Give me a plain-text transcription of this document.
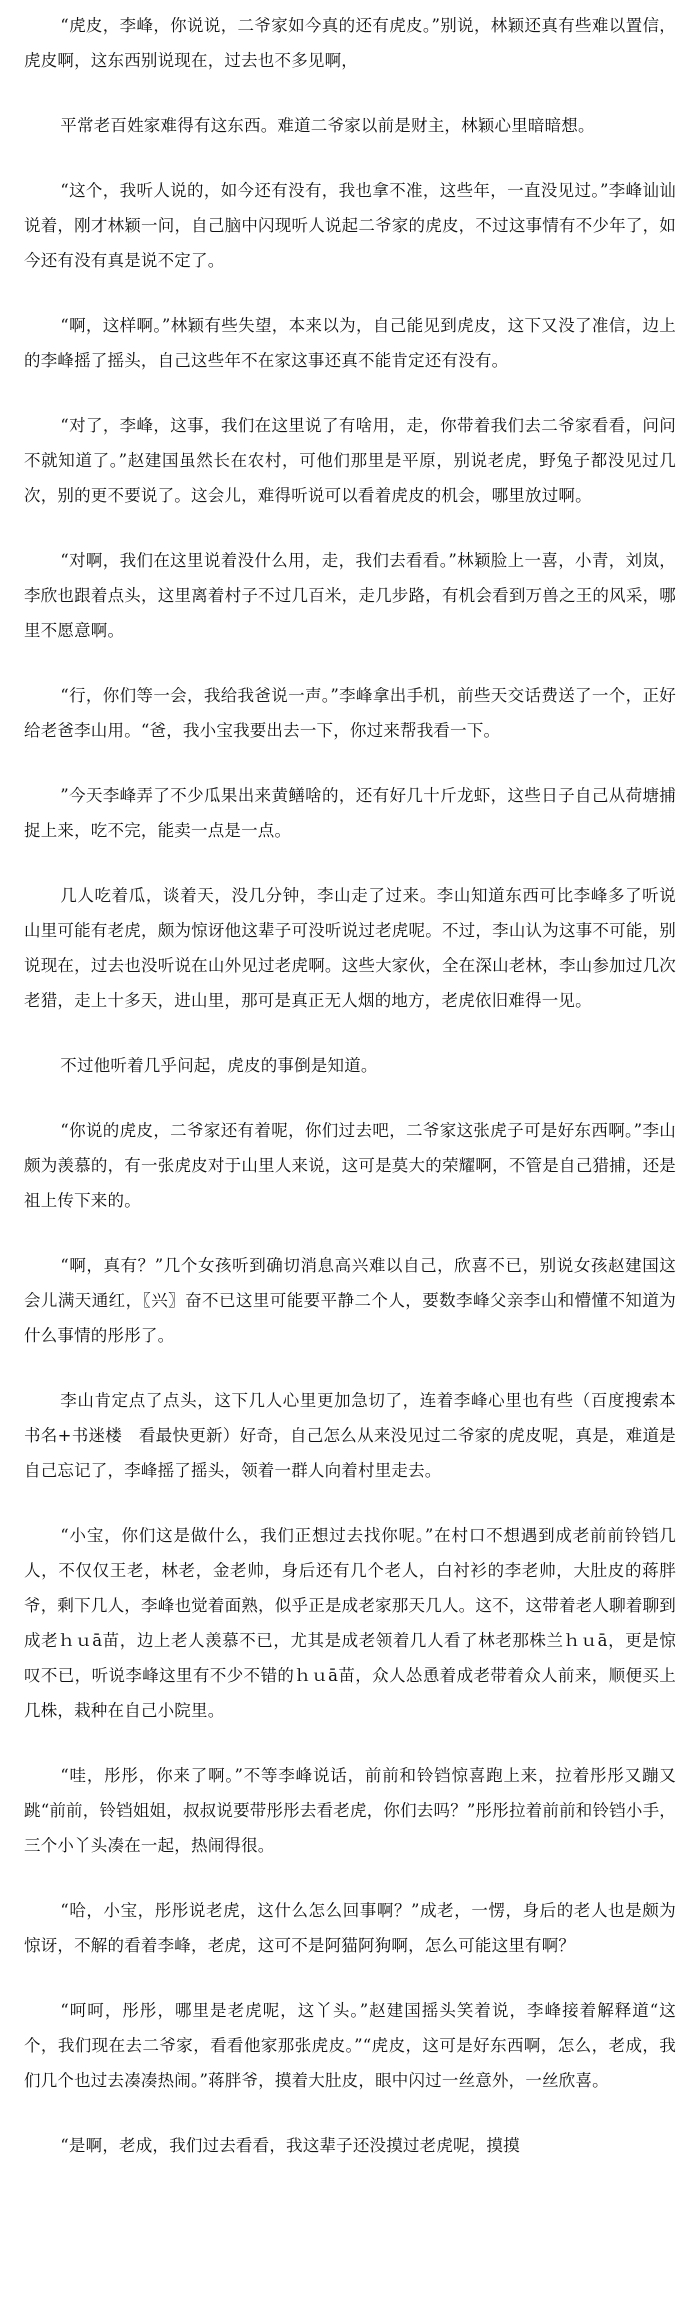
“虎皮，李峰，你说说，二爷家如今真的还有虎皮。”别说，林颖还真有些难以置信，虎皮啊，这东西别说现在，过去也不多见啊，

平常老百姓家难得有这东西。难道二爷家以前是财主，林颖心里暗暗想。

“这个，我听人说的，如今还有没有，我也拿不准，这些年，一直没见过。”李峰讪讪说着，刚才林颖一问，自己脑中闪现听人说起二爷家的虎皮，不过这事情有不少年了，如今还有没有真是说不定了。

“啊，这样啊。”林颖有些失望，本来以为，自己能见到虎皮，这下又没了准信，边上的李峰摇了摇头，自己这些年不在家这事还真不能肯定还有没有。

“对了，李峰，这事，我们在这里说了有啥用，走，你带着我们去二爷家看看，问问不就知道了。”赵建国虽然长在农村，可他们那里是平原，别说老虎，野兔子都没见过几次，别的更不要说了。这会儿，难得听说可以看着虎皮的机会，哪里放过啊。

“对啊，我们在这里说着没什么用，走，我们去看看。”林颖脸上一喜，小青，刘岚，李欣也跟着点头，这里离着村子不过几百米，走几步路，有机会看到万兽之王的风采，哪里不愿意啊。

“行，你们等一会，我给我爸说一声。”李峰拿出手机，前些天交话费送了一个，正好给老爸李山用。“爸，我小宝我要出去一下，你过来帮我看一下。

”今天李峰弄了不少瓜果出来黄鳝啥的，还有好几十斤龙虾，这些日子自己从荷塘捕捉上来，吃不完，能卖一点是一点。

几人吃着瓜，谈着天，没几分钟，李山走了过来。李山知道东西可比李峰多了听说山里可能有老虎，颇为惊讶他这辈子可没听说过老虎呢。不过，李山认为这事不可能，别说现在，过去也没听说在山外见过老虎啊。这些大家伙，全在深山老林，李山参加过几次老猎，走上十多天，进山里，那可是真正无人烟的地方，老虎依旧难得一见。

不过他听着几乎问起，虎皮的事倒是知道。

“你说的虎皮，二爷家还有着呢，你们过去吧，二爷家这张虎子可是好东西啊。”李山颇为羡慕的，有一张虎皮对于山里人来说，这可是莫大的荣耀啊，不管是自己猎捕，还是祖上传下来的。

“啊，真有？”几个女孩听到确切消息高兴难以自己，欣喜不已，别说女孩赵建国这会儿满天通红，〖兴〗奋不已这里可能要平静二个人，要数李峰父亲李山和懵懂不知道为什么事情的彤彤了。

李山肯定点了点头，这下几人心里更加急切了，连着李峰心里也有些（百度搜索本书名+书迷楼　看最快更新）好奇，自己怎么从来没见过二爷家的虎皮呢，真是，难道是自己忘记了，李峰摇了摇头，领着一群人向着村里走去。

“小宝，你们这是做什么，我们正想过去找你呢。”在村口不想遇到成老前前铃铛几人，不仅仅王老，林老，金老帅，身后还有几个老人，白衬衫的李老帅，大肚皮的蒋胖爷，剩下几人，李峰也觉着面熟，似乎正是成老家那天几人。这不，这带着老人聊着聊到成老ｈｕā苗，边上老人羡慕不已，尤其是成老领着几人看了林老那株兰ｈｕā，更是惊叹不已，听说李峰这里有不少不错的ｈｕā苗，众人怂恿着成老带着众人前来，顺便买上几株，栽种在自己小院里。

“哇，彤彤，你来了啊。”不等李峰说话，前前和铃铛惊喜跑上来，拉着彤彤又蹦又跳“前前，铃铛姐姐，叔叔说要带彤彤去看老虎，你们去吗？”彤彤拉着前前和铃铛小手，三个小丫头凑在一起，热闹得很。

“哈，小宝，彤彤说老虎，这什么怎么回事啊？”成老，一愣，身后的老人也是颇为惊讶，不解的看着李峰，老虎，这可不是阿猫阿狗啊，怎么可能这里有啊？

“呵呵，彤彤，哪里是老虎呢，这丫头。”赵建国摇头笑着说，李峰接着解释道“这个，我们现在去二爷家，看看他家那张虎皮。”“虎皮，这可是好东西啊，怎么，老成，我们几个也过去凑凑热闹。”蒋胖爷，摸着大肚皮，眼中闪过一丝意外，一丝欣喜。

“是啊，老成，我们过去看看，我这辈子还没摸过老虎呢，摸摸
